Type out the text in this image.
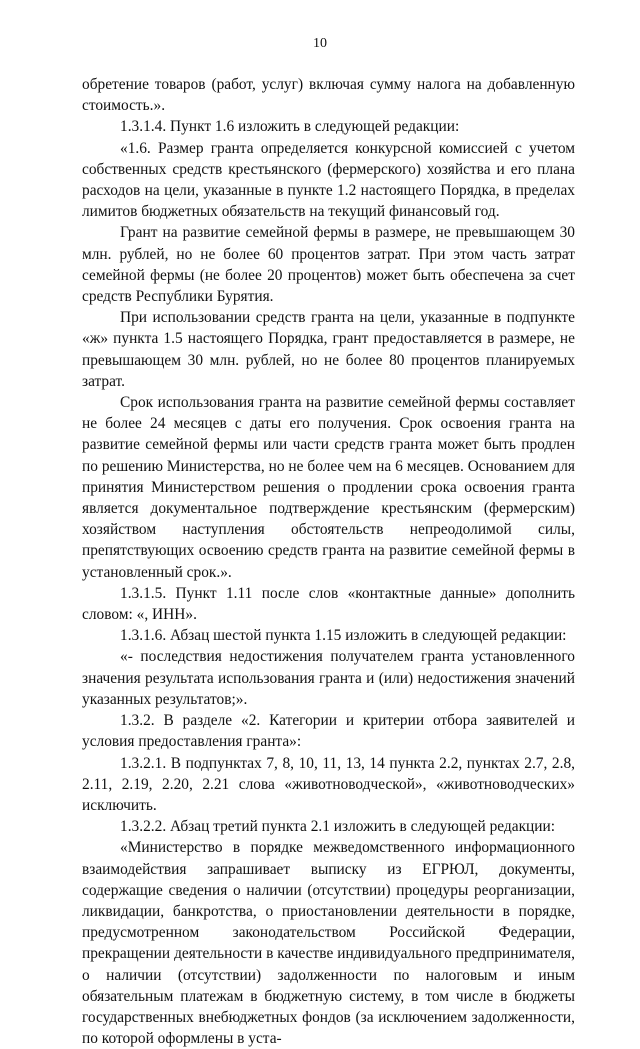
10

обретение товаров (работ, услуг) включая сумму налога на добавленную стоимость.».

1.3.1.4. Пункт 1.6 изложить в следующей редакции:

«1.6. Размер гранта определяется конкурсной комиссией с учетом собственных средств крестьянского (фермерского) хозяйства и его плана расходов на цели, указанные в пункте 1.2 настоящего Порядка, в пределах лимитов бюджетных обязательств на текущий финансовый год.

Грант на развитие семейной фермы в размере, не превышающем 30 млн. рублей, но не более 60 процентов затрат. При этом часть затрат семейной фермы (не более 20 процентов) может быть обеспечена за счет средств Республики Бурятия.

При использовании средств гранта на цели, указанные в подпункте «ж» пункта 1.5 настоящего Порядка, грант предоставляется в размере, не превышающем 30 млн. рублей, но не более 80 процентов планируемых затрат.

Срок использования гранта на развитие семейной фермы составляет не более 24 месяцев с даты его получения. Срок освоения гранта на развитие семейной фермы или части средств гранта может быть продлен по решению Министерства, но не более чем на 6 месяцев. Основанием для принятия Министерством решения о продлении срока освоения гранта является документальное подтверждение крестьянским (фермерским) хозяйством наступления обстоятельств непреодолимой силы, препятствующих освоению средств гранта на развитие семейной фермы в установленный срок.».

1.3.1.5. Пункт 1.11 после слов «контактные данные» дополнить словом: «, ИНН».

1.3.1.6. Абзац шестой пункта 1.15 изложить в следующей редакции:

«- последствия недостижения получателем гранта установленного значения результата использования гранта и (или) недостижения значений указанных результатов;».

1.3.2. В разделе «2. Категории и критерии отбора заявителей и условия предоставления гранта»:

1.3.2.1. В подпунктах 7, 8, 10, 11, 13, 14 пункта 2.2, пунктах 2.7, 2.8, 2.11, 2.19, 2.20, 2.21 слова «животноводческой», «животноводческих» исключить.

1.3.2.2. Абзац третий пункта 2.1 изложить в следующей редакции:

«Министерство в порядке межведомственного информационного взаимодействия запрашивает выписку из ЕГРЮЛ, документы, содержащие сведения о наличии (отсутствии) процедуры реорганизации, ликвидации, банкротства, о приостановлении деятельности в порядке, предусмотренном законодательством Российской Федерации, прекращении деятельности в качестве индивидуального предпринимателя, о наличии (отсутствии) задолженности по налоговым и иным обязательным платежам в бюджетную систему, в том числе в бюджеты государственных внебюджетных фондов (за исключением задолженности, по которой оформлены в уста-
